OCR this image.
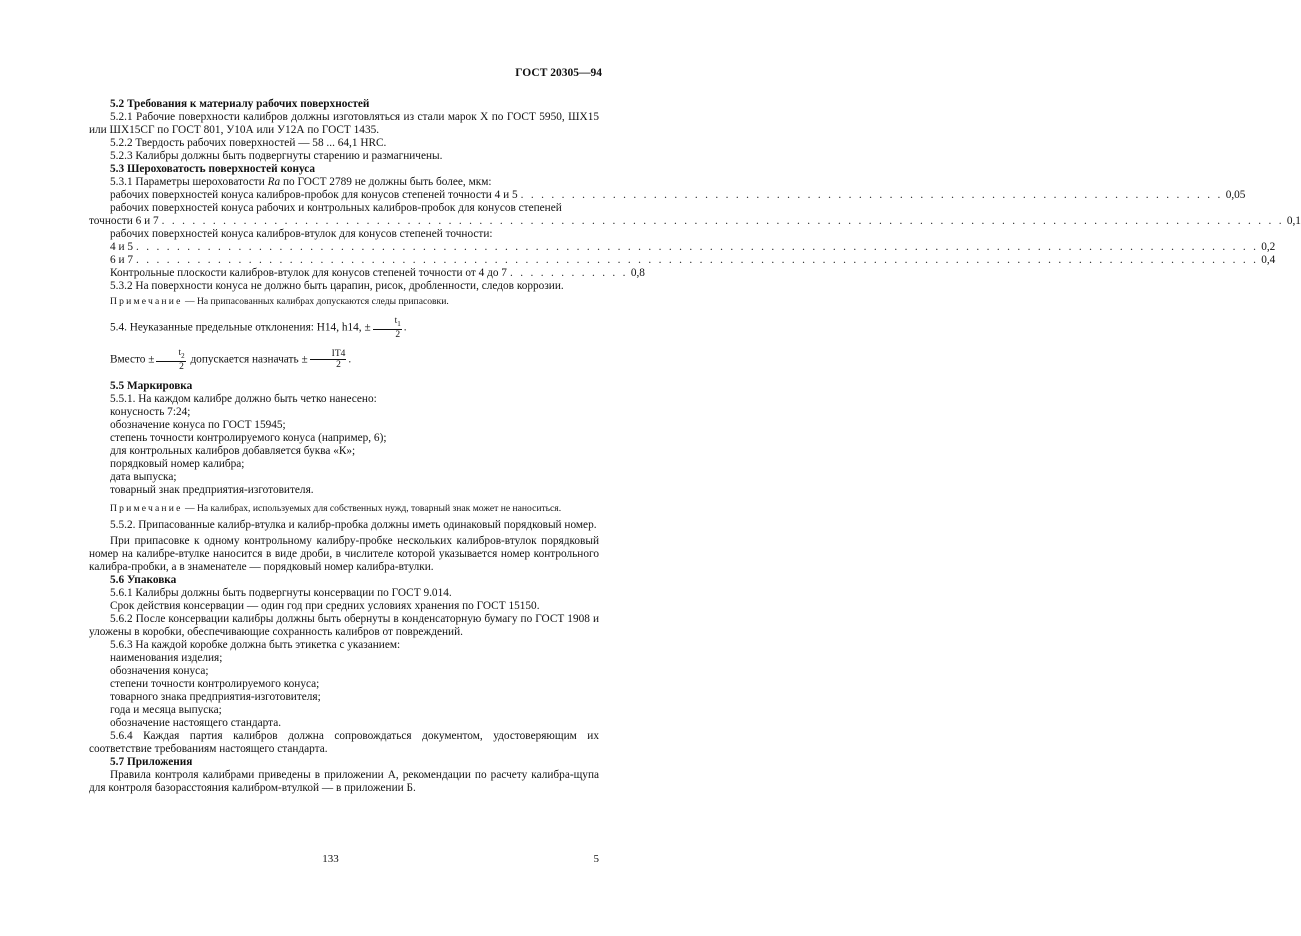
ГОСТ 20305—94

5.2 Требования к материалу рабочих поверхностей

5.2.1 Рабочие поверхности калибров должны изготовляться из стали марок Х по ГОСТ 5950, ШХ15 или ШХ15СГ по ГОСТ 801, У10А или У12А по ГОСТ 1435.

5.2.2 Твердость рабочих поверхностей — 58 ... 64,1 HRC.

5.2.3 Калибры должны быть подвергнуты старению и размагничены.

5.3 Шероховатость поверхностей конуса

5.3.1 Параметры шероховатости Ra по ГОСТ 2789 не должны быть более, мкм:

рабочих поверхностей конуса калибров-пробок для конусов степеней точности 4 и 5 . . . . . . . . . . . . . . . . . . . . . . . . . . . . . . . . . . . . . . . . . . . . . . . . . . . . . . . . . . . . . . . . . . . . . 0,05

рабочих поверхностей конуса рабочих и контрольных калибров-пробок для конусов степеней

точности 6 и 7 . . . . . . . . . . . . . . . . . . . . . . . . . . . . . . . . . . . . . . . . . . . . . . . . . . . . . . . . . . . . . . . . . . . . . . . . . . . . . . . . . . . . . . . . . . . . . . . . . . . . . . . . . . . . . . 0,1

рабочих поверхностей конуса калибров-втулок для конусов степеней точности:

4 и 5 . . . . . . . . . . . . . . . . . . . . . . . . . . . . . . . . . . . . . . . . . . . . . . . . . . . . . . . . . . . . . . . . . . . . . . . . . . . . . . . . . . . . . . . . . . . . . . . . . . . . . . . . . . . . . . 0,2
6 и 7 . . . . . . . . . . . . . . . . . . . . . . . . . . . . . . . . . . . . . . . . . . . . . . . . . . . . . . . . . . . . . . . . . . . . . . . . . . . . . . . . . . . . . . . . . . . . . . . . . . . . . . . . . . . . . . 0,4
Контрольные плоскости калибров-втулок для конусов степеней точности от 4 до 7 . . . . . . . . . . . . 0,8

5.3.2 На поверхности конуса не должно быть царапин, рисок, дробленности, следов коррозии.

Примечание — На припасованных калибрах допускаются следы припасовки.

5.4. Неуказанные предельные отклонения: H14, h14, ± $\frac{t_1}{2}$ .

Вместо ± $\frac{t_2}{2}$ допускается назначать ± $\frac{IT4}{2}$ .

5.5 Маркировка

5.5.1. На каждом калибре должно быть четко нанесено:

конусность 7:24;

обозначение конуса по ГОСТ 15945;

степень точности контролируемого конуса (например, 6);

для контрольных калибров добавляется буква «К»;

порядковый номер калибра;

дата выпуска;

товарный знак предприятия-изготовителя.

Примечание — На калибрах, используемых для собственных нужд, товарный знак может не наноситься.

5.5.2. Припасованные калибр-втулка и калибр-пробка должны иметь одинаковый порядковый номер.

При припасовке к одному контрольному калибру-пробке нескольких калибров-втулок порядковый номер на калибре-втулке наносится в виде дроби, в числителе которой указывается номер контрольного калибра-пробки, а в знаменателе — порядковый номер калибра-втулки.

5.6 Упаковка

5.6.1 Калибры должны быть подвергнуты консервации по ГОСТ 9.014.

Срок действия консервации — один год при средних условиях хранения по ГОСТ 15150.

5.6.2 После консервации калибры должны быть обернуты в конденсаторную бумагу по ГОСТ 1908 и уложены в коробки, обеспечивающие сохранность калибров от повреждений.

5.6.3 На каждой коробке должна быть этикетка с указанием:

наименования изделия;

обозначения конуса;

степени точности контролируемого конуса;

товарного знака предприятия-изготовителя;

года и месяца выпуска;

обозначение настоящего стандарта.

5.6.4 Каждая партия калибров должна сопровождаться документом, удостоверяющим их соответствие требованиям настоящего стандарта.

5.7 Приложения

Правила контроля калибрами приведены в приложении А, рекомендации по расчету калибра-щупа для контроля базорасстояния калибром-втулкой — в приложении Б.

133	5
